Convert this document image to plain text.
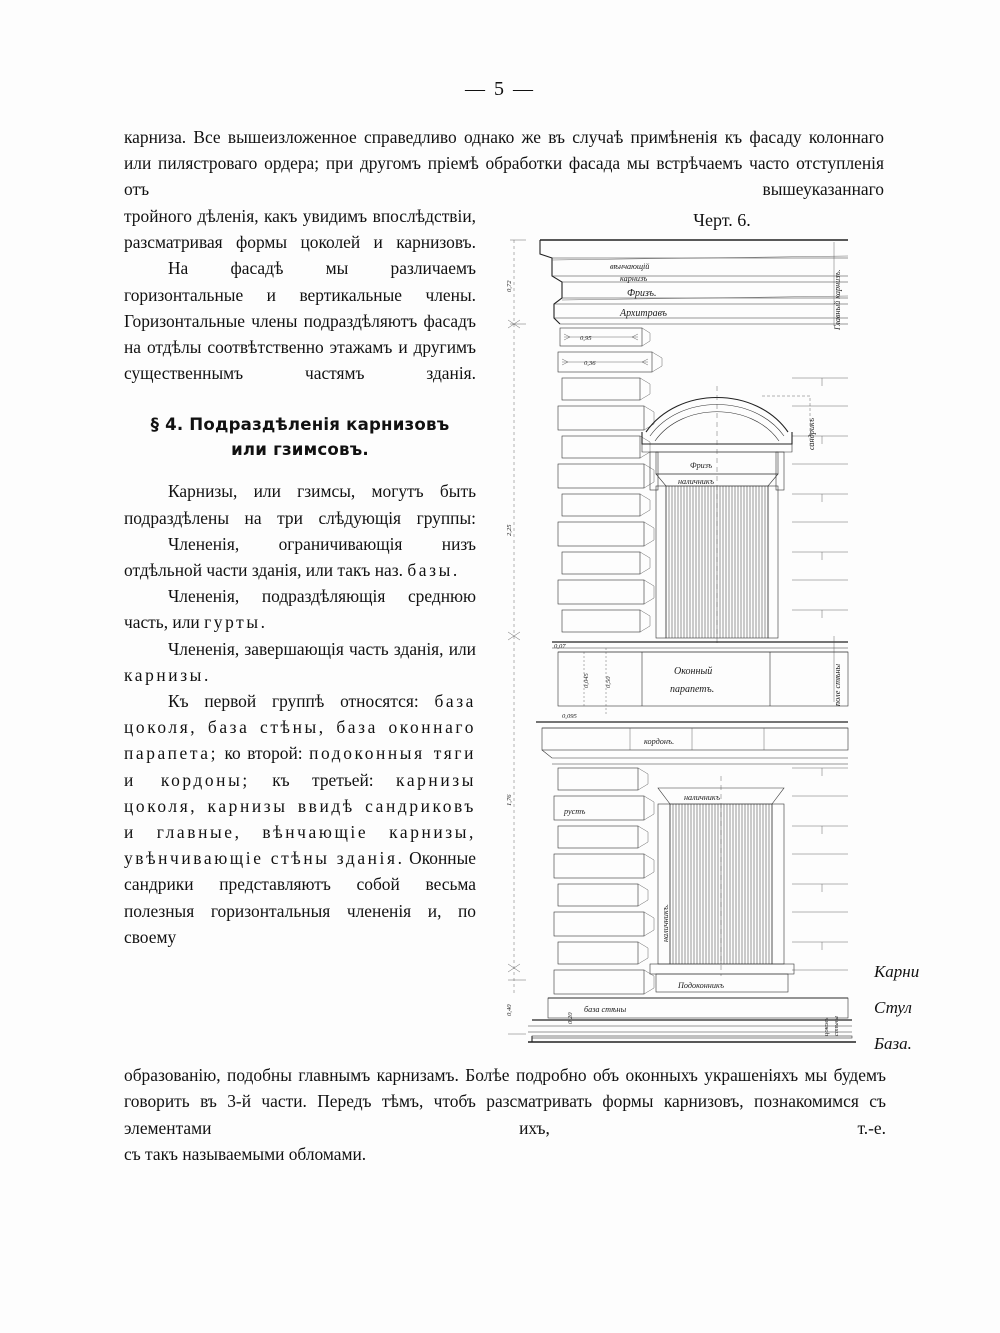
— 5 —
карниза. Все вышеизложенное справедливо однако же въ случаѣ примѣненія къ фасаду колоннаго или пилястроваго ордера; при другомъ пріемѣ обработки фасада мы встрѣчаемъ часто отступленія отъ вышеуказаннаго

тройного дѣленія, какъ увидимъ впослѣдствіи, разсматривая формы цоколей и карнизовъ.

На фасадѣ мы различаемъ горизонтальные и вертикальные члены. Горизонтальные члены подраздѣляютъ фасадъ на отдѣлы соотвѣтственно этажамъ и другимъ существеннымъ частямъ зданія.

§ 4. Подраздѣленія карнизовъ
или гзимсовъ.

Карнизы, или гзимсы, могутъ быть подраздѣлены на три слѣдующія группы:

Члененія, ограничивающія низъ отдѣльной части зданія, или такъ наз. базы.

Члененія, подраздѣляющія среднюю часть, или гурты.

Члененія, завершающія часть зданія, или карнизы.

Къ первой группѣ относятся: база цоколя, база стѣны, база оконнаго парапета; ко второй: подоконныя тяги и кордоны; къ третьей: карнизы цоколя, карнизы ввидѣ сандриковъ и главные, вѣнчающіе карнизы, увѣнчивающіе стѣны зданія. Оконные сандрики представляютъ собой весьма полезныя горизонтальныя члененія и, по своему

образованію, подобны главнымъ карнизамъ. Болѣе подробно объ оконныхъ украшеніяхъ мы будемъ говорить въ 3-й части. Передъ тѣмъ, чтобъ разсматривать формы карнизовъ, познакомимся съ элементами ихъ, т.-е.
съ такъ называемыми обломами.
Черт. 6.
вѣнчающій
карнизъ
Фризъ.
Архитравъ	Главный карнизъ.
0,72
2,25
1,76
0,40
0,95
0,36
сандрикъ
Фризъ
наличникъ
Оконный
парапетъ.
0,07
0,045 0,50
0,095
поле стѣны
кордонъ.
рустъ
наличникъ
наличникъ.
Подоконникъ
база стѣны
0,20	цоколь стѣны
Карни
Стул
База.
